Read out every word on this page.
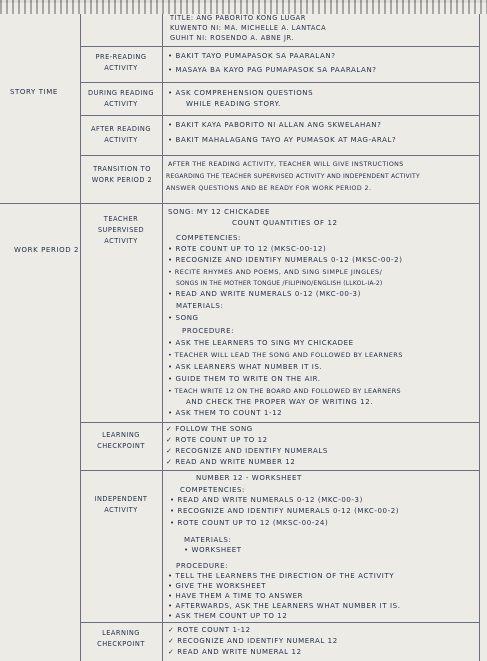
TITLE: ANG PABORITO KONG LUGAR
KUWENTO NI: MA. MICHELLE A. LANTACA
GUHIT NI: ROSENDO A. ABNE JR.
STORY TIME
PRE-READING ACTIVITY
• BAKIT TAYO PUMAPASOK SA PAARALAN?
• MASAYA BA KAYO PAG PUMAPASOK SA PAARALAN?
DURING READING ACTIVITY
• ASK COMPREHENSION QUESTIONS
WHILE READING STORY.
AFTER READING ACTIVITY
• BAKIT KAYA PABORITO NI ALLAN ANG SKWELAHAN?
• BAKIT MAHALAGANG TAYO AY PUMASOK AT MAG-ARAL?
TRANSITION TO WORK PERIOD 2
AFTER THE READING ACTIVITY, TEACHER WILL GIVE INSTRUCTIONS
REGARDING THE TEACHER SUPERVISED ACTIVITY AND INDEPENDENT ACTIVITY
ANSWER QUESTIONS AND BE READY FOR WORK PERIOD 2.
WORK PERIOD 2
TEACHER SUPERVISED ACTIVITY
SONG: MY 12 CHICKADEE
COUNT QUANTITIES OF 12
COMPETENCIES:
• ROTE COUNT UP TO 12 (MKSC-00-12)
• RECOGNIZE AND IDENTIFY NUMERALS 0-12 (MKSC-00-2)
• RECITE RHYMES AND POEMS, AND SING SIMPLE JINGLES/
SONGS IN THE MOTHER TONGUE /FILIPINO/ENGLISH (LLKOL-IA-2)
• READ AND WRITE NUMERALS 0-12 (MKC-00-3)
MATERIALS:
• SONG
PROCEDURE:
• ASK THE LEARNERS TO SING MY CHICKADEE
• TEACHER WILL LEAD THE SONG AND FOLLOWED BY LEARNERS
• ASK LEARNERS WHAT NUMBER IT IS.
• GUIDE THEM TO WRITE ON THE AIR.
• TEACH WRITE 12 ON THE BOARD AND FOLLOWED BY LEARNERS
AND CHECK THE PROPER WAY OF WRITING 12.
• ASK THEM TO COUNT 1-12
LEARNING CHECKPOINT
✓ FOLLOW THE SONG
✓ ROTE COUNT UP TO 12
✓ RECOGNIZE AND IDENTIFY NUMERALS
✓ READ AND WRITE NUMBER 12
INDEPENDENT ACTIVITY
NUMBER 12 - WORKSHEET
COMPETENCIES:
• READ AND WRITE NUMERALS 0-12 (MKC-00-3)
• RECOGNIZE AND IDENTIFY NUMERALS 0-12 (MKC-00-2)
• ROTE COUNT UP TO 12 (MKSC-00-24)
MATERIALS:
• WORKSHEET
PROCEDURE:
• TELL THE LEARNERS THE DIRECTION OF THE ACTIVITY
• GIVE THE WORKSHEET
• HAVE THEM A TIME TO ANSWER
• AFTERWARDS, ASK THE LEARNERS WHAT NUMBER IT IS.
• ASK THEM COUNT UP TO 12
LEARNING CHECKPOINT
✓ ROTE COUNT 1-12
✓ RECOGNIZE AND IDENTIFY NUMERAL 12
✓ READ AND WRITE NUMERAL 12
